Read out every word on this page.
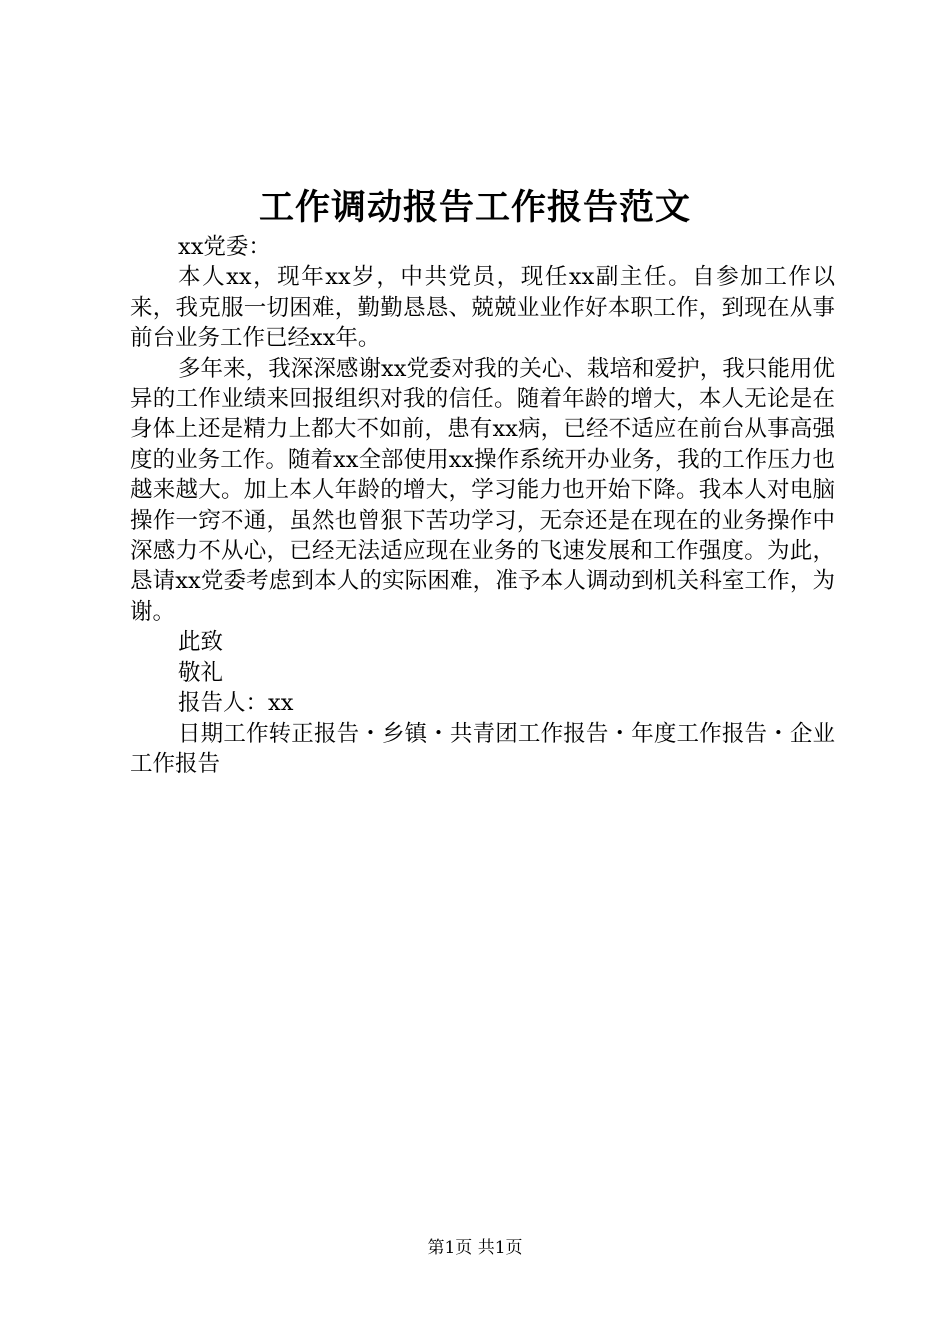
工作调动报告工作报告范文

xx党委：

本人xx，现年xx岁，中共党员，现任xx副主任。自参加工作以来，我克服一切困难，勤勤恳恳、兢兢业业作好本职工作，到现在从事前台业务工作已经xx年。

多年来，我深深感谢xx党委对我的关心、栽培和爱护，我只能用优异的工作业绩来回报组织对我的信任。随着年龄的增大，本人无论是在身体上还是精力上都大不如前，患有xx病，已经不适应在前台从事高强度的业务工作。随着xx全部使用xx操作系统开办业务，我的工作压力也越来越大。加上本人年龄的增大，学习能力也开始下降。我本人对电脑操作一窍不通，虽然也曾狠下苦功学习，无奈还是在现在的业务操作中深感力不从心，已经无法适应现在业务的飞速发展和工作强度。为此，恳请xx党委考虑到本人的实际困难，准予本人调动到机关科室工作，为谢。

此致

敬礼

报告人：xx

日期工作转正报告・乡镇・共青团工作报告・年度工作报告・企业工作报告

第1页 共1页
